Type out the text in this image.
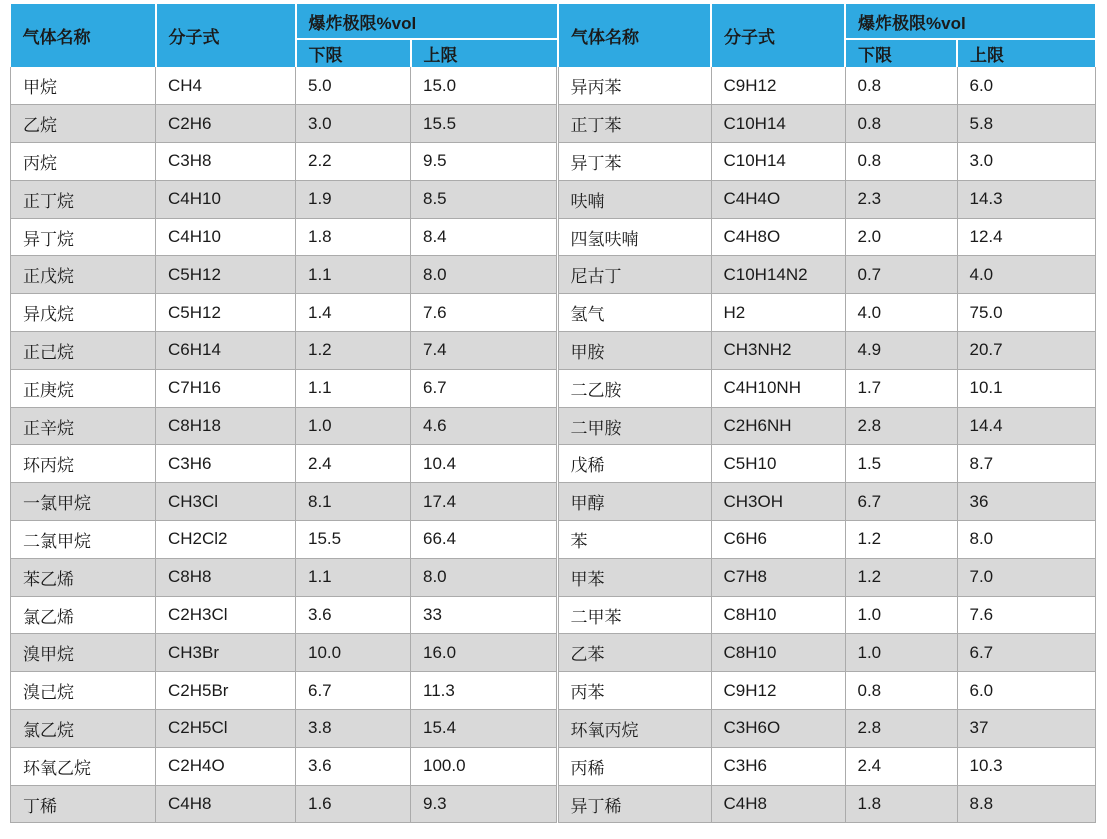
气体名称	分子式	爆炸极限%vol	
		下限	上限
甲烷	CH4	5.0	15.0
乙烷	C2H6	3.0	15.5
丙烷	C3H8	2.2	9.5
正丁烷	C4H10	1.9	8.5
异丁烷	C4H10	1.8	8.4
正戊烷	C5H12	1.1	8.0
异戊烷	C5H12	1.4	7.6
正己烷	C6H14	1.2	7.4
正庚烷	C7H16	1.1	6.7
正辛烷	C8H18	1.0	4.6
环丙烷	C3H6	2.4	10.4
一氯甲烷	CH3Cl	8.1	17.4
二氯甲烷	CH2Cl2	15.5	66.4
苯乙烯	C8H8	1.1	8.0
氯乙烯	C2H3Cl	3.6	33
溴甲烷	CH3Br	10.0	16.0
溴己烷	C2H5Br	6.7	11.3
氯乙烷	C2H5Cl	3.8	15.4
环氧乙烷	C2H4O	3.6	100.0
丁稀	C4H8	1.6	9.3
气体名称	分子式	爆炸极限%vol	
		下限	上限
异丙苯	C9H12	0.8	6.0
正丁苯	C10H14	0.8	5.8
异丁苯	C10H14	0.8	3.0
呋喃	C4H4O	2.3	14.3
四氢呋喃	C4H8O	2.0	12.4
尼古丁	C10H14N2	0.7	4.0
氢气	H2	4.0	75.0
甲胺	CH3NH2	4.9	20.7
二乙胺	C4H10NH	1.7	10.1
二甲胺	C2H6NH	2.8	14.4
戊稀	C5H10	1.5	8.7
甲醇	CH3OH	6.7	36
苯	C6H6	1.2	8.0
甲苯	C7H8	1.2	7.0
二甲苯	C8H10	1.0	7.6
乙苯	C8H10	1.0	6.7
丙苯	C9H12	0.8	6.0
环氧丙烷	C3H6O	2.8	37
丙稀	C3H6	2.4	10.3
异丁稀	C4H8	1.8	8.8
